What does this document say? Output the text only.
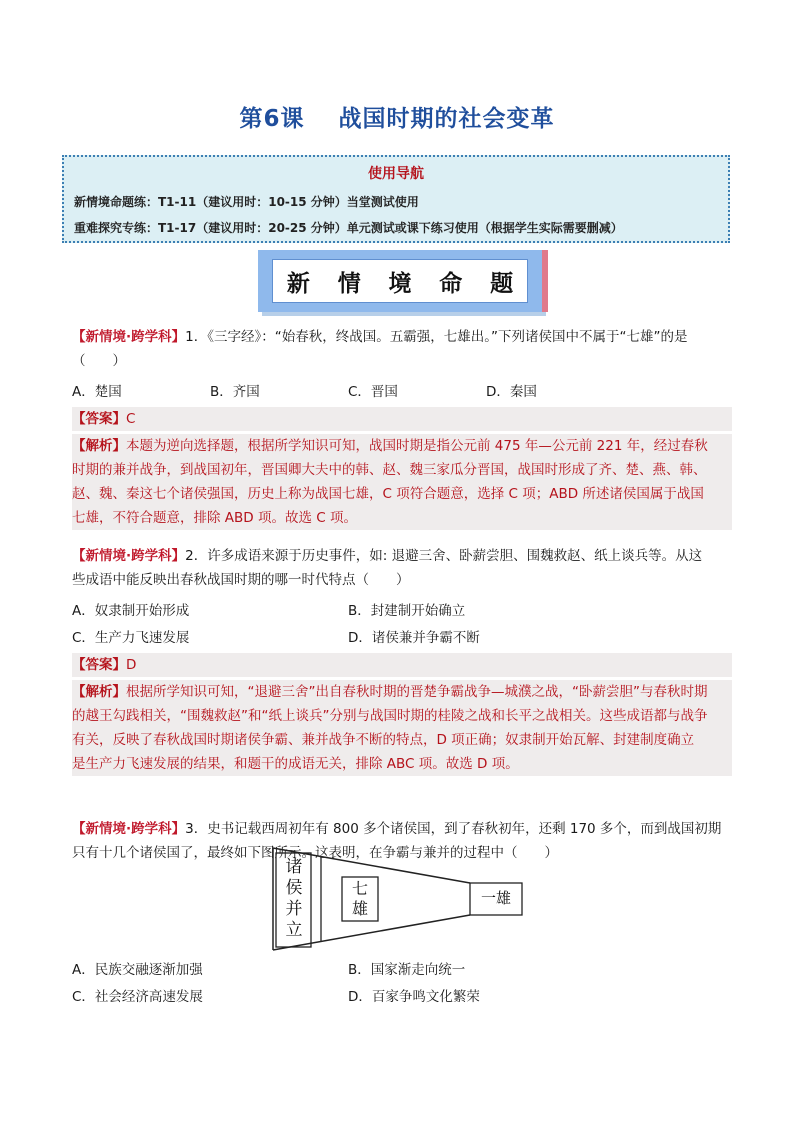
第6课 战国时期的社会变革
使用导航
新情境命题练：T1-11（建议用时：10-15 分钟）当堂测试使用
重难探究专练：T1-17（建议用时：20-25 分钟）单元测试或课下练习使用（根据学生实际需要删减）
新 情 境 命 题
【新情境·跨学科】1．《三字经》：“始春秋，终战国。五霸强，七雄出。”下列诸侯国中不属于“七雄”的是
（　　）
A．楚国	B．齐国	C．晋国	D．秦国
【答案】C
【解析】本题为逆向选择题，根据所学知识可知，战国时期是指公元前 475 年—公元前 221 年，经过春秋
时期的兼并战争，到战国初年，晋国卿大夫中的韩、赵、魏三家瓜分晋国，战国时形成了齐、楚、燕、韩、
赵、魏、秦这七个诸侯强国，历史上称为战国七雄，C 项符合题意，选择 C 项；ABD 所述诸侯国属于战国
七雄，不符合题意，排除 ABD 项。故选 C 项。
【新情境·跨学科】2．许多成语来源于历史事件，如: 退避三舍、卧薪尝胆、围魏救赵、纸上谈兵等。从这
些成语中能反映出春秋战国时期的哪一时代特点（　　）
A．奴隶制开始形成	B．封建制开始确立
C．生产力飞速发展	D．诸侯兼并争霸不断
【答案】D
【解析】根据所学知识可知，“退避三舍”出自春秋时期的晋楚争霸战争—城濮之战，“卧薪尝胆”与春秋时期
的越王勾践相关，“围魏救赵”和“纸上谈兵”分别与战国时期的桂陵之战和长平之战相关。这些成语都与战争
有关，反映了春秋战国时期诸侯争霸、兼并战争不断的特点，D 项正确；奴隶制开始瓦解、封建制度确立
是生产力飞速发展的结果，和题干的成语无关，排除 ABC 项。故选 D 项。
【新情境·跨学科】3．史书记载西周初年有 800 多个诸侯国，到了春秋初年，还剩 170 多个，而到战国初期
只有十几个诸侯国了，最终如下图所示。这表明，在争霸与兼并的过程中（　　）
诸
侯
并
立
七
雄
一雄
A．民族交融逐渐加强	B．国家渐走向统一
C．社会经济高速发展	D．百家争鸣文化繁荣
